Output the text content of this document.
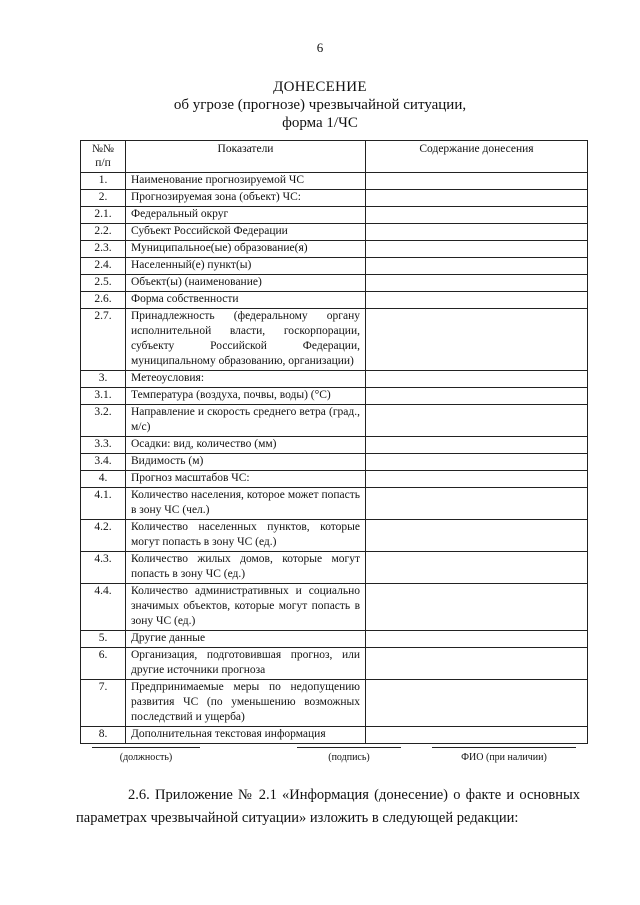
6
ДОНЕСЕНИЕ
об угрозе (прогнозе) чрезвычайной ситуации,
форма 1/ЧС
№№ п/п	Показатели	Содержание донесения
1.	Наименование прогнозируемой ЧС	
2.	Прогнозируемая зона (объект) ЧС:	
2.1.	Федеральный округ	
2.2.	Субъект Российской Федерации	
2.3.	Муниципальное(ые) образование(я)	
2.4.	Населенный(е) пункт(ы)	
2.5.	Объект(ы) (наименование)	
2.6.	Форма собственности	
2.7.	Принадлежность (федеральному органу исполнительной власти, госкорпорации, субъекту Российской Федерации, муниципальному образованию, организации)	
3.	Метеоусловия:	
3.1.	Температура (воздуха, почвы, воды) (°С)	
3.2.	Направление и скорость среднего ветра (град., м/с)	
3.3.	Осадки: вид, количество (мм)	
3.4.	Видимость (м)	
4.	Прогноз масштабов ЧС:	
4.1.	Количество населения, которое может попасть в зону ЧС (чел.)	
4.2.	Количество населенных пунктов, которые могут попасть в зону ЧС (ед.)	
4.3.	Количество жилых домов, которые могут попасть в зону ЧС (ед.)	
4.4.	Количество административных и социально значимых объектов, которые могут попасть в зону ЧС (ед.)	
5.	Другие данные	
6.	Организация, подготовившая прогноз, или другие источники прогноза	
7.	Предпринимаемые меры по недопущению развития ЧС (по уменьшению возможных последствий и ущерба)	
8.	Дополнительная текстовая информация	
(должность)	(подпись)	ФИО (при наличии)
2.6. Приложение № 2.1 «Информация (донесение) о факте и основных параметрах чрезвычайной ситуации» изложить в следующей редакции:
